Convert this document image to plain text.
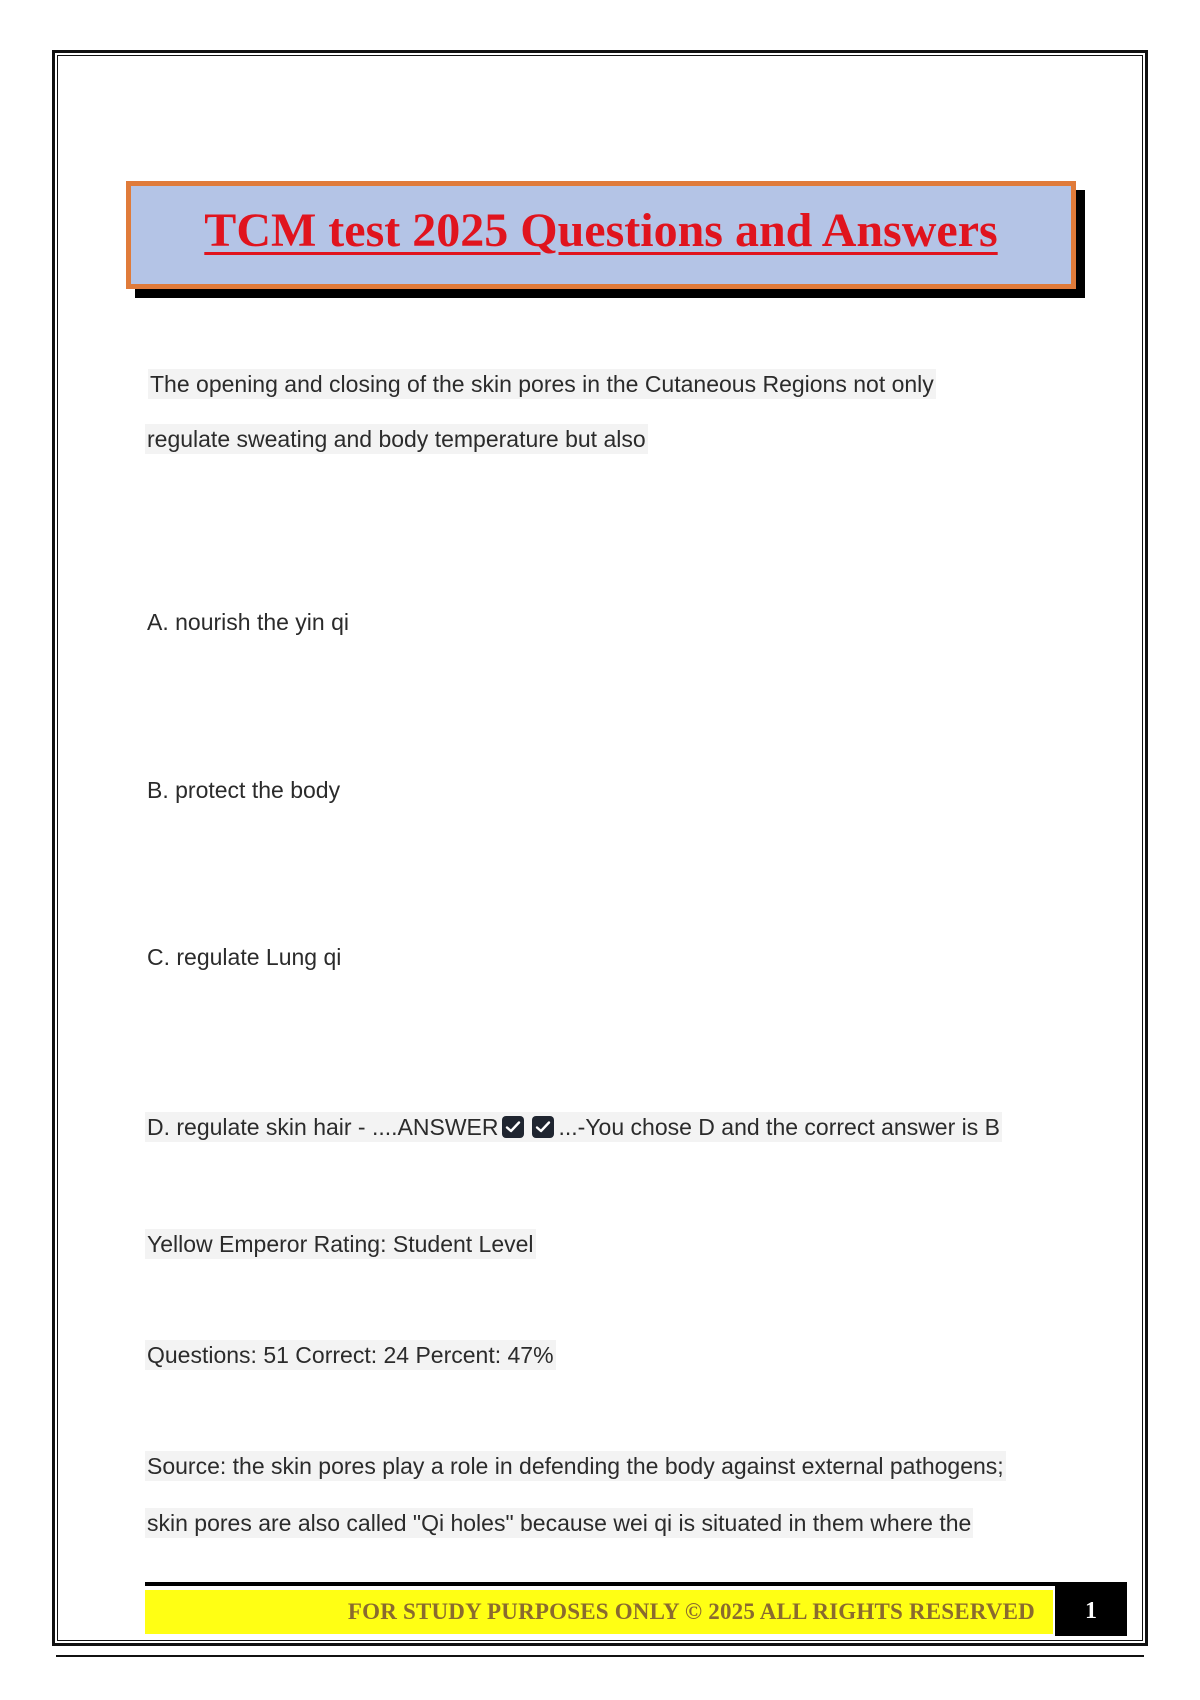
TCM test 2025 Questions and Answers
The opening and closing of the skin pores in the Cutaneous Regions not only
regulate sweating and body temperature but also
A. nourish the yin qi
B. protect the body
C. regulate Lung qi
D. regulate skin hair - ....ANSWER	...-You chose D and the correct answer is B
Yellow Emperor Rating: Student Level
Questions: 51 Correct: 24 Percent: 47%
Source: the skin pores play a role in defending the body against external pathogens;
skin pores are also called "Qi holes" because wei qi is situated in them where the
FOR STUDY PURPOSES ONLY © 2025 ALL RIGHTS RESERVED 1
